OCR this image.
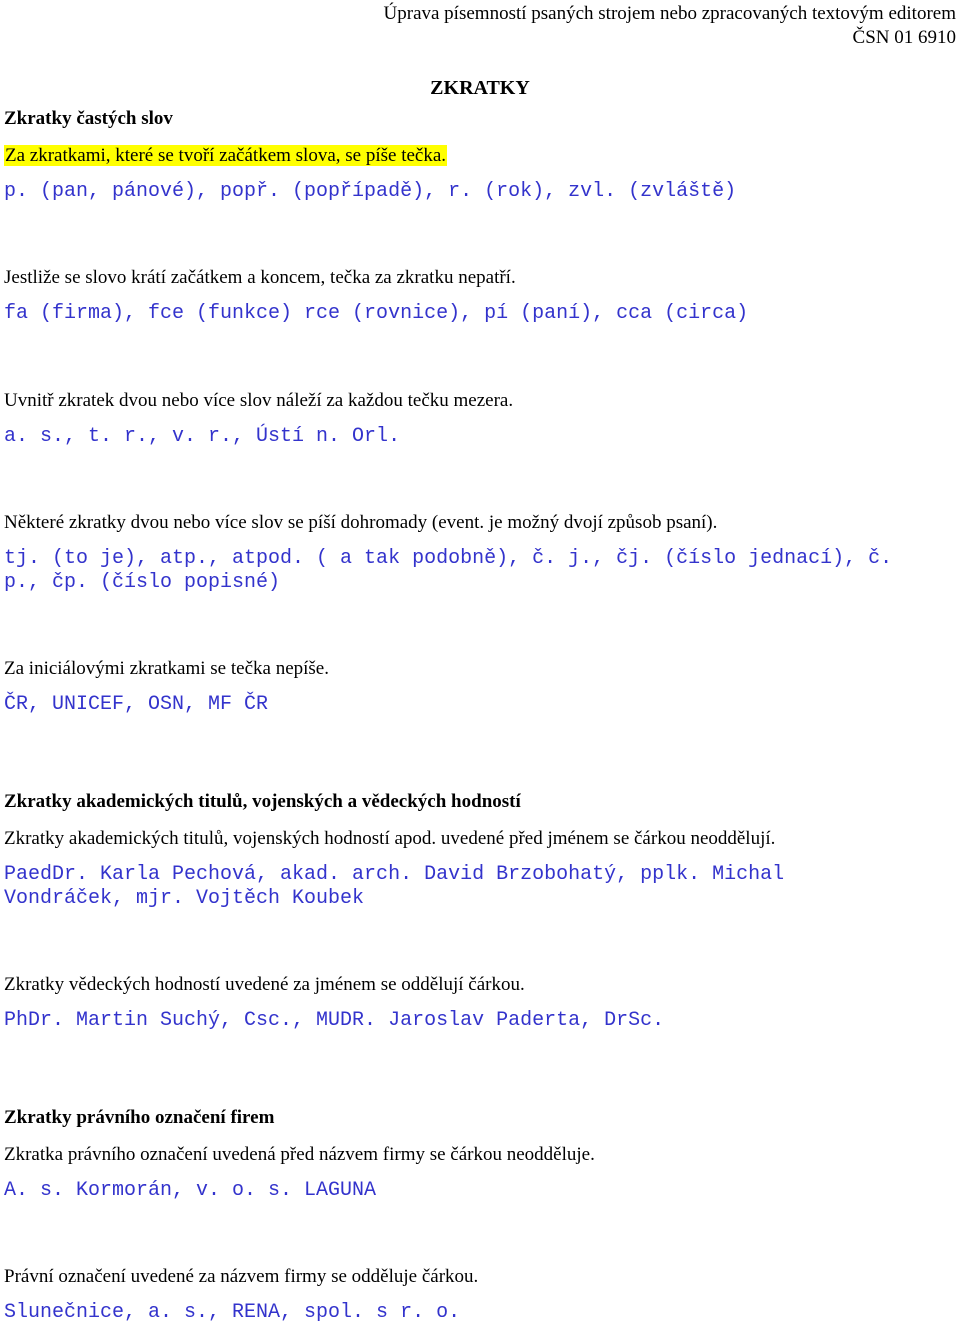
Úprava písemností psaných strojem nebo zpracovaných textovým editorem
ČSN 01 6910
ZKRATKY
Zkratky častých slov
Za zkratkami, které se tvoří začátkem slova, se píše tečka.
p. (pan, pánové), popř. (popřípadě), r. (rok), zvl. (zvláště)
Jestliže se slovo krátí začátkem a koncem, tečka za zkratku nepatří.
fa (firma), fce (funkce) rce (rovnice), pí (paní), cca (circa)
Uvnitř zkratek dvou nebo více slov náleží za každou tečku mezera.
a. s., t. r., v. r., Ústí n. Orl.
Některé zkratky dvou nebo více slov se píší dohromady (event. je možný dvojí způsob psaní).
tj. (to je), atp., atpod. ( a tak podobně), č. j., čj. (číslo jednací), č.
p., čp. (číslo popisné)
Za iniciálovými zkratkami se tečka nepíše.
ČR, UNICEF, OSN, MF ČR
Zkratky akademických titulů, vojenských a vědeckých hodností
Zkratky akademických titulů, vojenských hodností apod. uvedené před jménem se čárkou neoddělují.
PaedDr. Karla Pechová, akad. arch. David Brzobohatý, pplk. Michal
Vondráček, mjr. Vojtěch Koubek
Zkratky vědeckých hodností uvedené za jménem se oddělují čárkou.
PhDr. Martin Suchý, Csc., MUDR. Jaroslav Paderta, DrSc.
Zkratky právního označení firem
Zkratka právního označení uvedená před názvem firmy se čárkou neodděluje.
A. s. Kormorán, v. o. s. LAGUNA
Právní označení uvedené za názvem firmy se odděluje čárkou.
Slunečnice, a. s., RENA, spol. s r. o.
